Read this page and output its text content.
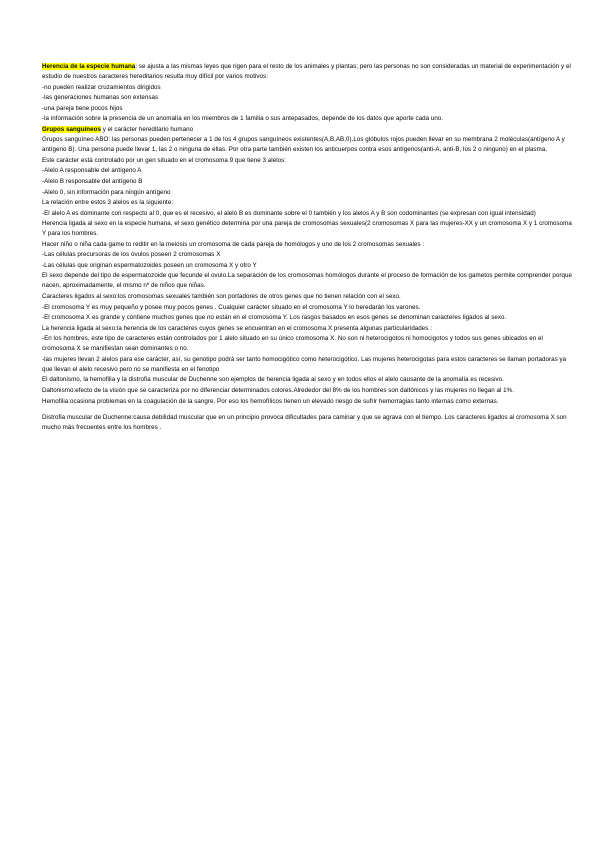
Herencia de la especie humana: se ajusta a las mismas leyes que rigen para el resto de los animales y plantas; pero las personas no son consideradas un material de experimentación y el estudio de nuestros caracteres hereditarios resulta muy difícil por varios motivos:

-no pueden realizar cruzamientos dirigidos

-las generaciones humanas son extensas

-una pareja tiene pocos hijos

-la información sobre la presencia de un anomalía en los miembros de 1 familia o sus antepasados, depende de los datos que aporte cada uno.

Grupos sanguíneos y el carácter hereditario humano

Grupos sanguíneo ABO: las personas pueden pertenecer a 1 de los 4 grupos sanguíneos existentes(A,B,AB,0).Los glóbulos rojos pueden llevar en su membrana 2 moléculas(antígeno A y antígeno B). Una persona puede llevar 1, las 2 o ninguna de ellas. Por otra parte también existen los anticuerpos contra esos antígenos(anti-A, anti-B, los 2 o ninguno) en el plasma.

Este carácter está controlado por un gen situado en el cromosoma 9 que tiene 3 alelos:

-Alelo A responsable del antígeno A

-Alelo B responsable del antígeno B

-Alelo 0, sin información para ningún antígeno

La relación entre estos 3 alelos es la siguiente:

-El alelo A es dominante con respecto al 0, que es el recesivo, el alelo B es dominante sobre el 0 también y los alelos A y B son codominantes (se expresan con igual intensidad)

Herencia ligada al sexo en la especie humana, el sexo genético determina por una pareja de cromosomas sexuales(2 cromosomas X para las mujeres-XX y un cromosoma X y 1 cromosoma Y para los hombres.

Hacer niño o niña cada game to reditir en la meiosis un cromosoma de cada pareja de homólogos y uno de los 2 cromosomas sexuales :

-Las células precursoras de los óvulos poseen 2 cromosomas X

-Las células que originan espermatozoides poseen un cromosoma X y otro Y

El sexo depende del tipo de espermatozoide que fecunde el ovulo.La separación de los cromosomas homólogos durante el proceso de formación de los gametos permite comprender porque nacen, aproximadamente, el mismo nº de niños que niñas.

Caracteres ligados al sexo:los cromosomas sexuales también son portadores de otros genes que no tienen relación con el sexo.

-El cromosoma Y es muy pequeño y posee muy pocos genes . Cualquier carácter situado en el cromosoma Y lo heredarán los varones.

-El cromosoma X es grande y contiene muchos genes que no están en el cromosoma Y. Los rasgos basados en esos genes se denominan caracteres ligados al sexo.

La herencia ligada al sexo:la herencia de los caracteres cuyos genes se encuentran en el cromosoma X presenta algunas particularidades :

-En los hombres, este tipo de caracteres están controlados por 1 alelo situado en su único cromosoma X. No son ni heterocigotos ni homocigotos y todos sus genes ubicados en el cromosoma X se manifiestan sean dominantes o no.

-las mujeres llevan 2 alelos para ese carácter, así, su genotipo podrá ser tanto homocigótico como heterocigótico. Las mujeres heterocigotas para estos caracteres se llaman portadoras ya que llevan el alelo recesivo pero no se manifiesta en el fenotipo

El daltonismo, la hemofilia y la distrofia muscular de Duchenne son ejemplos de herencia ligada al sexo y en todos ellos el alelo causante de la anomalía es recesivo.

Daltonismo:efecto de la visión que se caracteriza por no diferenciar determinados colores.Alrededor del 8% de los hombres son daltónicos y las mujeres no llegan al 1%.

Hemofilia:ocasiona problemas en la coagulación de la sangre. Por eso los hemofílicos tienen un elevado riesgo de sufrir hemorragias tanto internas como externas.

Distrofia muscular de Duchenne:causa debilidad muscular que en un principio provoca dificultades para caminar y que se agrava con el tiempo. Los caracteres ligados al cromosoma X son mucho más frecuentes entre los hombres .
